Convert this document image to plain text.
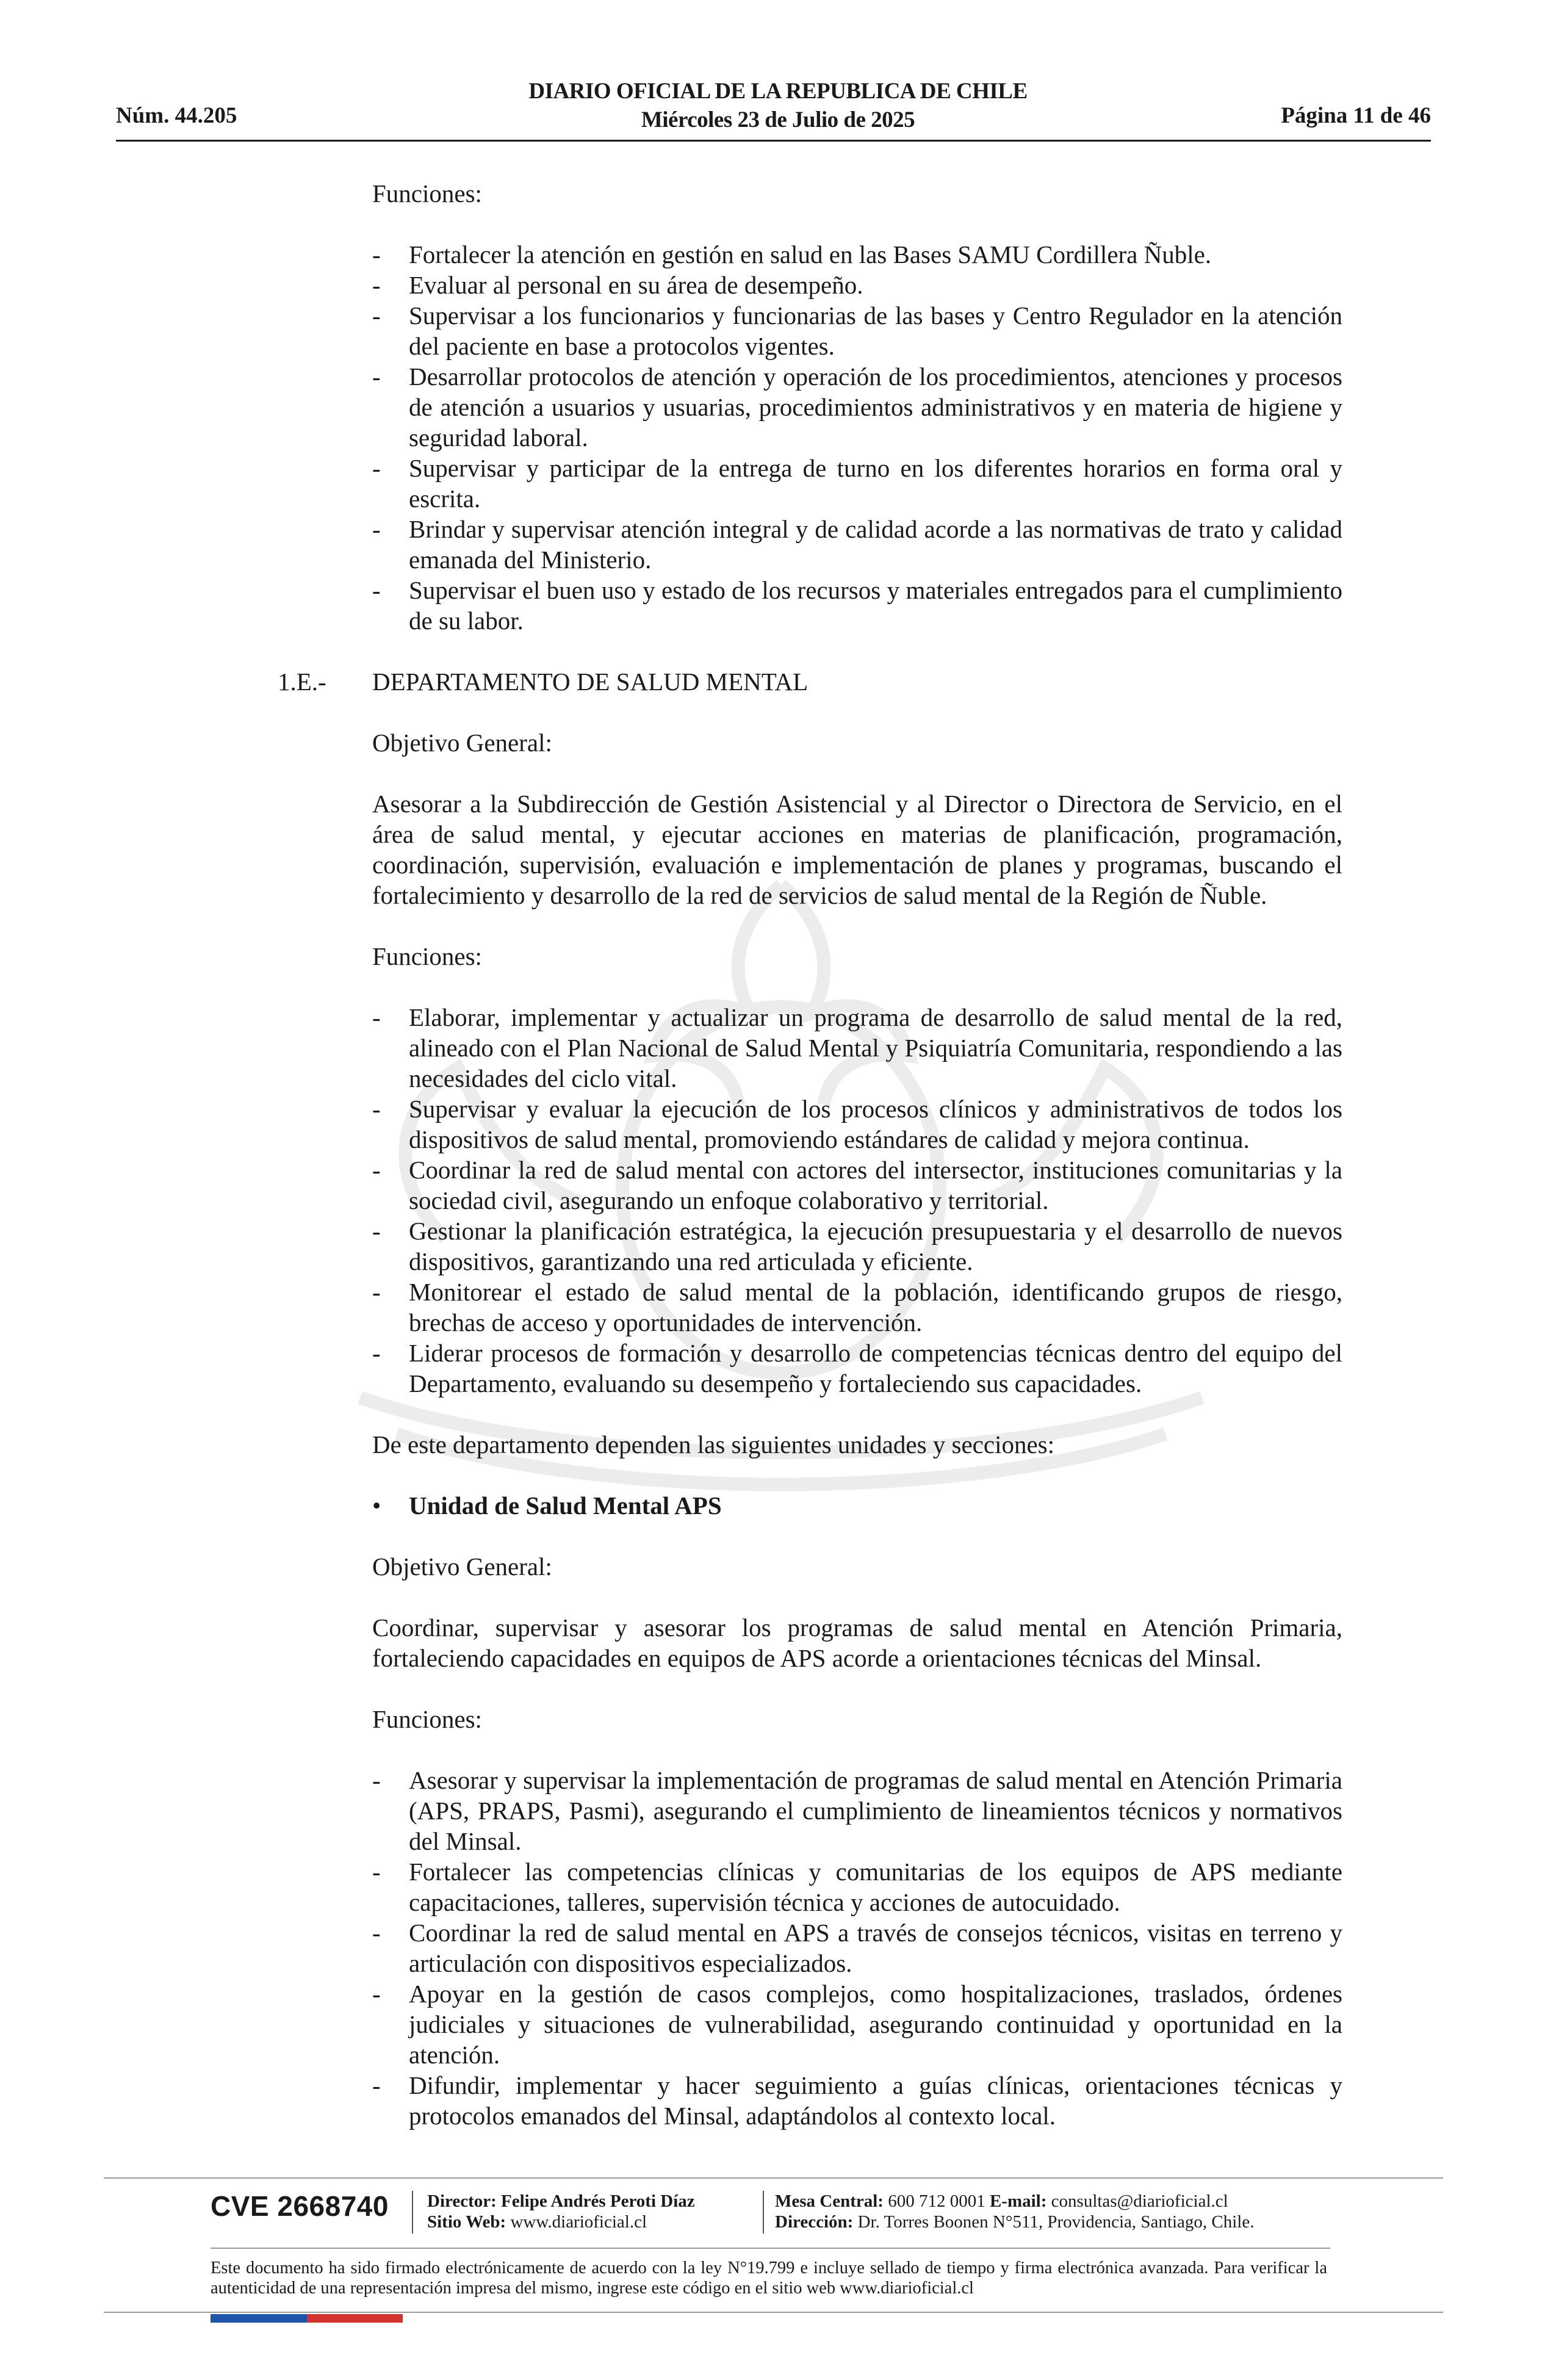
Núm. 44.205
DIARIO OFICIAL DE LA REPUBLICA DE CHILE
Miércoles 23 de Julio de 2025	Página 11 de 46

Funciones:

- Fortalecer la atención en gestión en salud en las Bases SAMU Cordillera Ñuble.
- Evaluar al personal en su área de desempeño.
- Supervisar a los funcionarios y funcionarias de las bases y Centro Regulador en la atención del paciente en base a protocolos vigentes.
- Desarrollar protocolos de atención y operación de los procedimientos, atenciones y procesos de atención a usuarios y usuarias, procedimientos administrativos y en materia de higiene y seguridad laboral.
- Supervisar y participar de la entrega de turno en los diferentes horarios en forma oral y escrita.
- Brindar y supervisar atención integral y de calidad acorde a las normativas de trato y calidad emanada del Ministerio.
- Supervisar el buen uso y estado de los recursos y materiales entregados para el cumplimiento de su labor.
1.E.- DEPARTAMENTO DE SALUD MENTAL

Objetivo General:

Asesorar a la Subdirección de Gestión Asistencial y al Director o Directora de Servicio, en el área de salud mental, y ejecutar acciones en materias de planificación, programación, coordinación, supervisión, evaluación e implementación de planes y programas, buscando el fortalecimiento y desarrollo de la red de servicios de salud mental de la Región de Ñuble.

Funciones:

- Elaborar, implementar y actualizar un programa de desarrollo de salud mental de la red, alineado con el Plan Nacional de Salud Mental y Psiquiatría Comunitaria, respondiendo a las necesidades del ciclo vital.
- Supervisar y evaluar la ejecución de los procesos clínicos y administrativos de todos los dispositivos de salud mental, promoviendo estándares de calidad y mejora continua.
- Coordinar la red de salud mental con actores del intersector, instituciones comunitarias y la sociedad civil, asegurando un enfoque colaborativo y territorial.
- Gestionar la planificación estratégica, la ejecución presupuestaria y el desarrollo de nuevos dispositivos, garantizando una red articulada y eficiente.
- Monitorear el estado de salud mental de la población, identificando grupos de riesgo, brechas de acceso y oportunidades de intervención.
- Liderar procesos de formación y desarrollo de competencias técnicas dentro del equipo del Departamento, evaluando su desempeño y fortaleciendo sus capacidades.

De este departamento dependen las siguientes unidades y secciones:

• Unidad de Salud Mental APS

Objetivo General:

Coordinar, supervisar y asesorar los programas de salud mental en Atención Primaria, fortaleciendo capacidades en equipos de APS acorde a orientaciones técnicas del Minsal.

Funciones:

- Asesorar y supervisar la implementación de programas de salud mental en Atención Primaria (APS, PRAPS, Pasmi), asegurando el cumplimiento de lineamientos técnicos y normativos del Minsal.
- Fortalecer las competencias clínicas y comunitarias de los equipos de APS mediante capacitaciones, talleres, supervisión técnica y acciones de autocuidado.
- Coordinar la red de salud mental en APS a través de consejos técnicos, visitas en terreno y articulación con dispositivos especializados.
- Apoyar en la gestión de casos complejos, como hospitalizaciones, traslados, órdenes judiciales y situaciones de vulnerabilidad, asegurando continuidad y oportunidad en la atención.
- Difundir, implementar y hacer seguimiento a guías clínicas, orientaciones técnicas y protocolos emanados del Minsal, adaptándolos al contexto local.
CVE 2668740 Director: Felipe Andrés Peroti Díaz
Sitio Web: www.diarioficial.cl
Mesa Central: 600 712 0001 E-mail: consultas@diarioficial.cl
Dirección: Dr. Torres Boonen N°511, Providencia, Santiago, Chile.
Este documento ha sido firmado electrónicamente de acuerdo con la ley N°19.799 e incluye sellado de tiempo y firma electrónica avanzada. Para verificar la autenticidad de una representación impresa del mismo, ingrese este código en el sitio web www.diarioficial.cl
